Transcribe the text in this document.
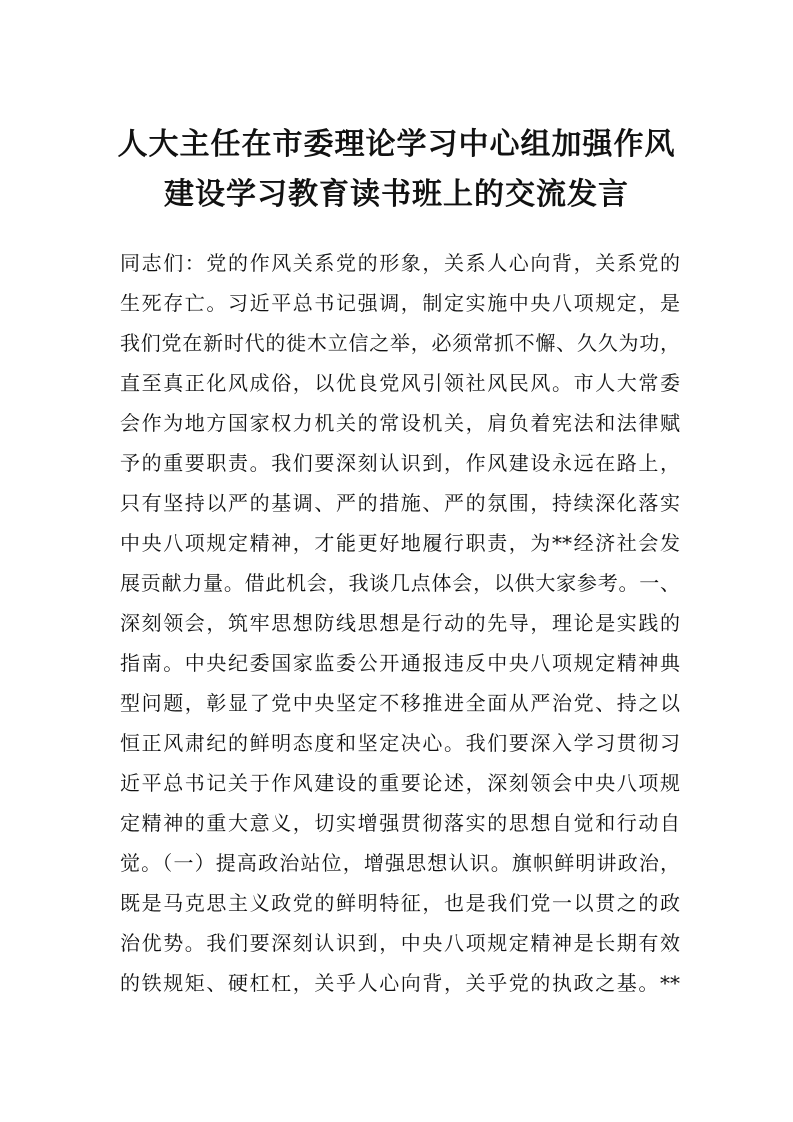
人大主任在市委理论学习中心组加强作风
建设学习教育读书班上的交流发言
同志们：党的作风关系党的形象，关系人心向背，关系党的
生死存亡。习近平总书记强调，制定实施中央八项规定，是
我们党在新时代的徙木立信之举，必须常抓不懈、久久为功，
直至真正化风成俗，以优良党风引领社风民风。市人大常委
会作为地方国家权力机关的常设机关，肩负着宪法和法律赋
予的重要职责。我们要深刻认识到，作风建设永远在路上，
只有坚持以严的基调、严的措施、严的氛围，持续深化落实
中央八项规定精神，才能更好地履行职责，为**经济社会发
展贡献力量。借此机会，我谈几点体会，以供大家参考。一、
深刻领会，筑牢思想防线思想是行动的先导，理论是实践的
指南。中央纪委国家监委公开通报违反中央八项规定精神典
型问题，彰显了党中央坚定不移推进全面从严治党、持之以
恒正风肃纪的鲜明态度和坚定决心。我们要深入学习贯彻习
近平总书记关于作风建设的重要论述，深刻领会中央八项规
定精神的重大意义，切实增强贯彻落实的思想自觉和行动自
觉。（一）提高政治站位，增强思想认识。旗帜鲜明讲政治，
既是马克思主义政党的鲜明特征，也是我们党一以贯之的政
治优势。我们要深刻认识到，中央八项规定精神是长期有效
的铁规矩、硬杠杠，关乎人心向背，关乎党的执政之基。**
